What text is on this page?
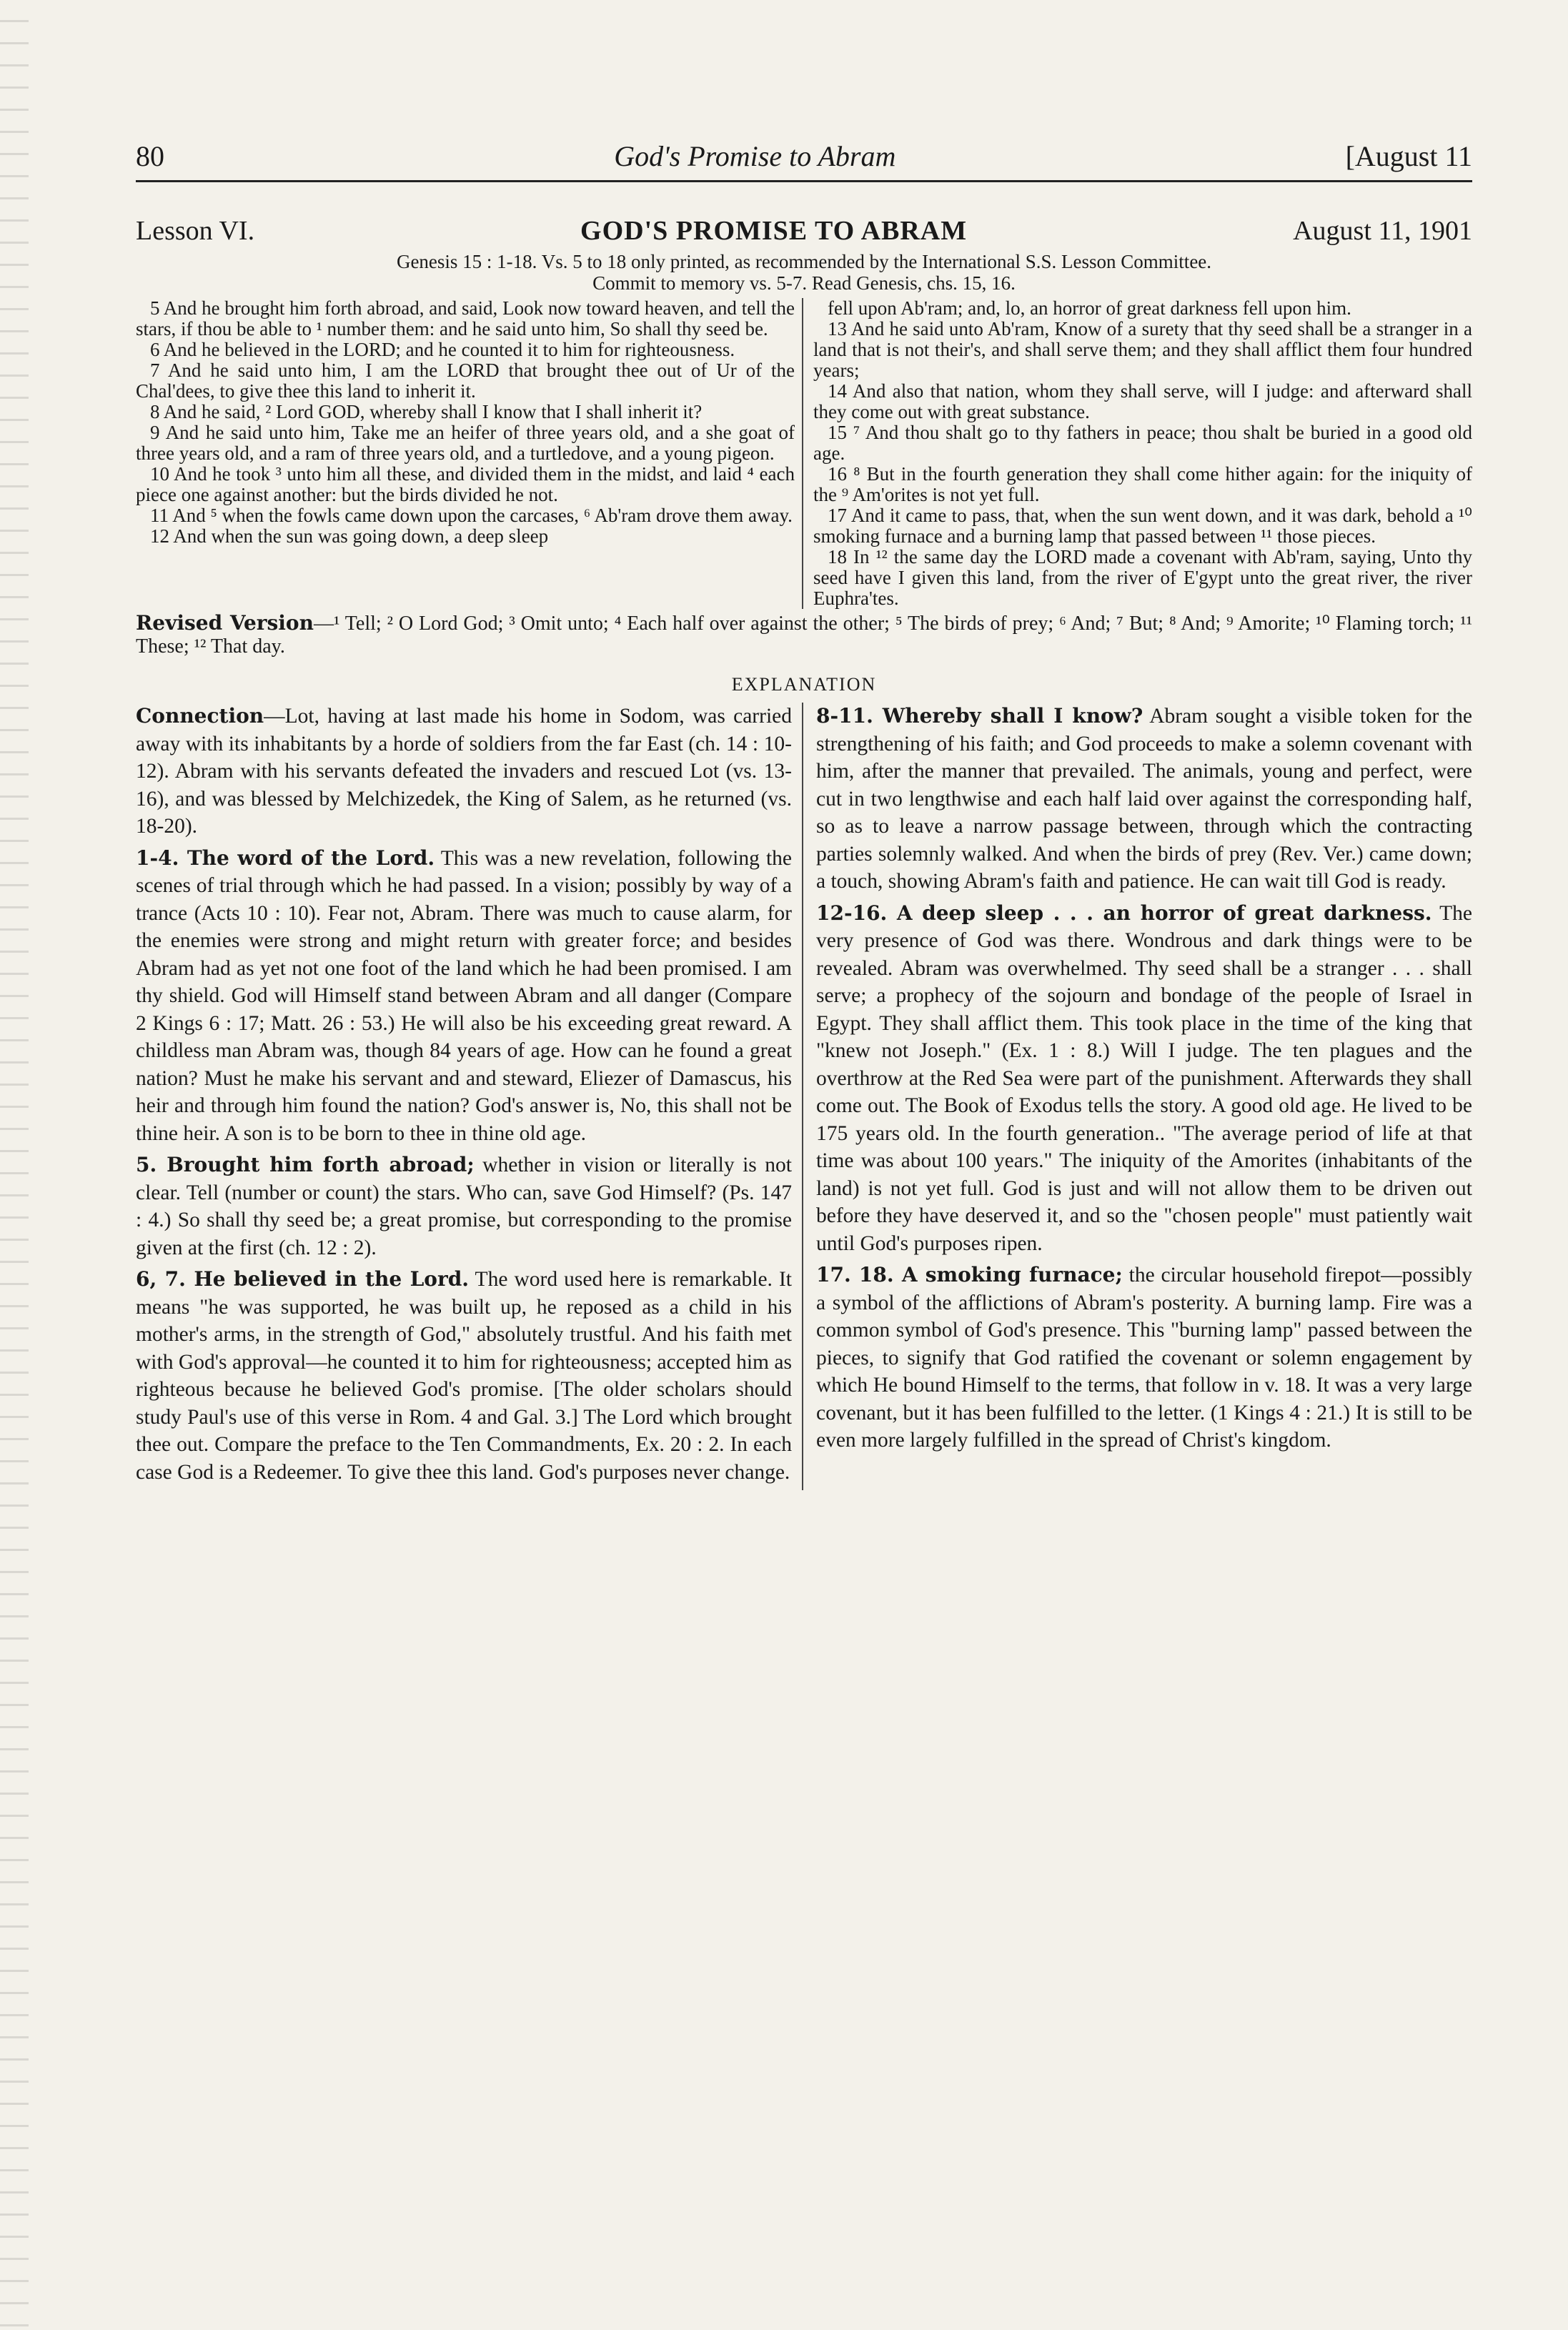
80	God's Promise to Abram	[August 11
Lesson VI.	GOD'S PROMISE TO ABRAM	August 11, 1901
Genesis 15 : 1-18. Vs. 5 to 18 only printed, as recommended by the International S.S. Lesson Committee.
Commit to memory vs. 5-7. Read Genesis, chs. 15, 16.

5 And he brought him forth abroad, and said, Look now toward heaven, and tell the stars, if thou be able to ¹ number them: and he said unto him, So shall thy seed be.

6 And he believed in the LORD; and he counted it to him for righteousness.

7 And he said unto him, I am the LORD that brought thee out of Ur of the Chal'dees, to give thee this land to inherit it.

8 And he said, ² Lord GOD, whereby shall I know that I shall inherit it?

9 And he said unto him, Take me an heifer of three years old, and a she goat of three years old, and a ram of three years old, and a turtledove, and a young pigeon.

10 And he took ³ unto him all these, and divided them in the midst, and laid ⁴ each piece one against another: but the birds divided he not.

11 And ⁵ when the fowls came down upon the carcases, ⁶ Ab'ram drove them away.

12 And when the sun was going down, a deep sleep

fell upon Ab'ram; and, lo, an horror of great darkness fell upon him.

13 And he said unto Ab'ram, Know of a surety that thy seed shall be a stranger in a land that is not their's, and shall serve them; and they shall afflict them four hundred years;

14 And also that nation, whom they shall serve, will I judge: and afterward shall they come out with great substance.

15 ⁷ And thou shalt go to thy fathers in peace; thou shalt be buried in a good old age.

16 ⁸ But in the fourth generation they shall come hither again: for the iniquity of the ⁹ Am'orites is not yet full.

17 And it came to pass, that, when the sun went down, and it was dark, behold a ¹⁰ smoking furnace and a burning lamp that passed between ¹¹ those pieces.

18 In ¹² the same day the LORD made a covenant with Ab'ram, saying, Unto thy seed have I given this land, from the river of E'gypt unto the great river, the river Euphra'tes.

Revised Version—¹ Tell; ² O Lord God; ³ Omit unto; ⁴ Each half over against the other; ⁵ The birds of prey; ⁶ And; ⁷ But; ⁸ And; ⁹ Amorite; ¹⁰ Flaming torch; ¹¹ These; ¹² That day.
EXPLANATION

Connection—Lot, having at last made his home in Sodom, was carried away with its inhabitants by a horde of soldiers from the far East (ch. 14 : 10-12). Abram with his servants defeated the invaders and rescued Lot (vs. 13-16), and was blessed by Melchizedek, the King of Salem, as he returned (vs. 18-20).

1-4. The word of the Lord. This was a new revelation, following the scenes of trial through which he had passed. In a vision; possibly by way of a trance (Acts 10 : 10). Fear not, Abram. There was much to cause alarm, for the enemies were strong and might return with greater force; and besides Abram had as yet not one foot of the land which he had been promised. I am thy shield. God will Himself stand between Abram and all danger (Compare 2 Kings 6 : 17; Matt. 26 : 53.) He will also be his exceeding great reward. A childless man Abram was, though 84 years of age. How can he found a great nation? Must he make his servant and and steward, Eliezer of Damascus, his heir and through him found the nation? God's answer is, No, this shall not be thine heir. A son is to be born to thee in thine old age.

5. Brought him forth abroad; whether in vision or literally is not clear. Tell (number or count) the stars. Who can, save God Himself? (Ps. 147 : 4.) So shall thy seed be; a great promise, but corresponding to the promise given at the first (ch. 12 : 2).

6, 7. He believed in the Lord. The word used here is remarkable. It means "he was supported, he was built up, he reposed as a child in his mother's arms, in the strength of God," absolutely trustful. And his faith met with God's approval—he counted it to him for righteousness; accepted him as righteous because he believed God's promise. [The older scholars should study Paul's use of this verse in Rom. 4 and Gal. 3.] The Lord which brought thee out. Compare the preface to the Ten Commandments, Ex. 20 : 2. In each case God is a Redeemer. To give thee this land. God's purposes never change.

8-11. Whereby shall I know? Abram sought a visible token for the strengthening of his faith; and God proceeds to make a solemn covenant with him, after the manner that prevailed. The animals, young and perfect, were cut in two lengthwise and each half laid over against the corresponding half, so as to leave a narrow passage between, through which the contracting parties solemnly walked. And when the birds of prey (Rev. Ver.) came down; a touch, showing Abram's faith and patience. He can wait till God is ready.

12-16. A deep sleep . . . an horror of great darkness. The very presence of God was there. Wondrous and dark things were to be revealed. Abram was overwhelmed. Thy seed shall be a stranger . . . shall serve; a prophecy of the sojourn and bondage of the people of Israel in Egypt. They shall afflict them. This took place in the time of the king that "knew not Joseph." (Ex. 1 : 8.) Will I judge. The ten plagues and the overthrow at the Red Sea were part of the punishment. Afterwards they shall come out. The Book of Exodus tells the story. A good old age. He lived to be 175 years old. In the fourth generation.. "The average period of life at that time was about 100 years." The iniquity of the Amorites (inhabitants of the land) is not yet full. God is just and will not allow them to be driven out before they have deserved it, and so the "chosen people" must patiently wait until God's purposes ripen.

17. 18. A smoking furnace; the circular household firepot—possibly a symbol of the afflictions of Abram's posterity. A burning lamp. Fire was a common symbol of God's presence. This "burning lamp" passed between the pieces, to signify that God ratified the covenant or solemn engagement by which He bound Himself to the terms, that follow in v. 18. It was a very large covenant, but it has been fulfilled to the letter. (1 Kings 4 : 21.) It is still to be even more largely fulfilled in the spread of Christ's kingdom.
